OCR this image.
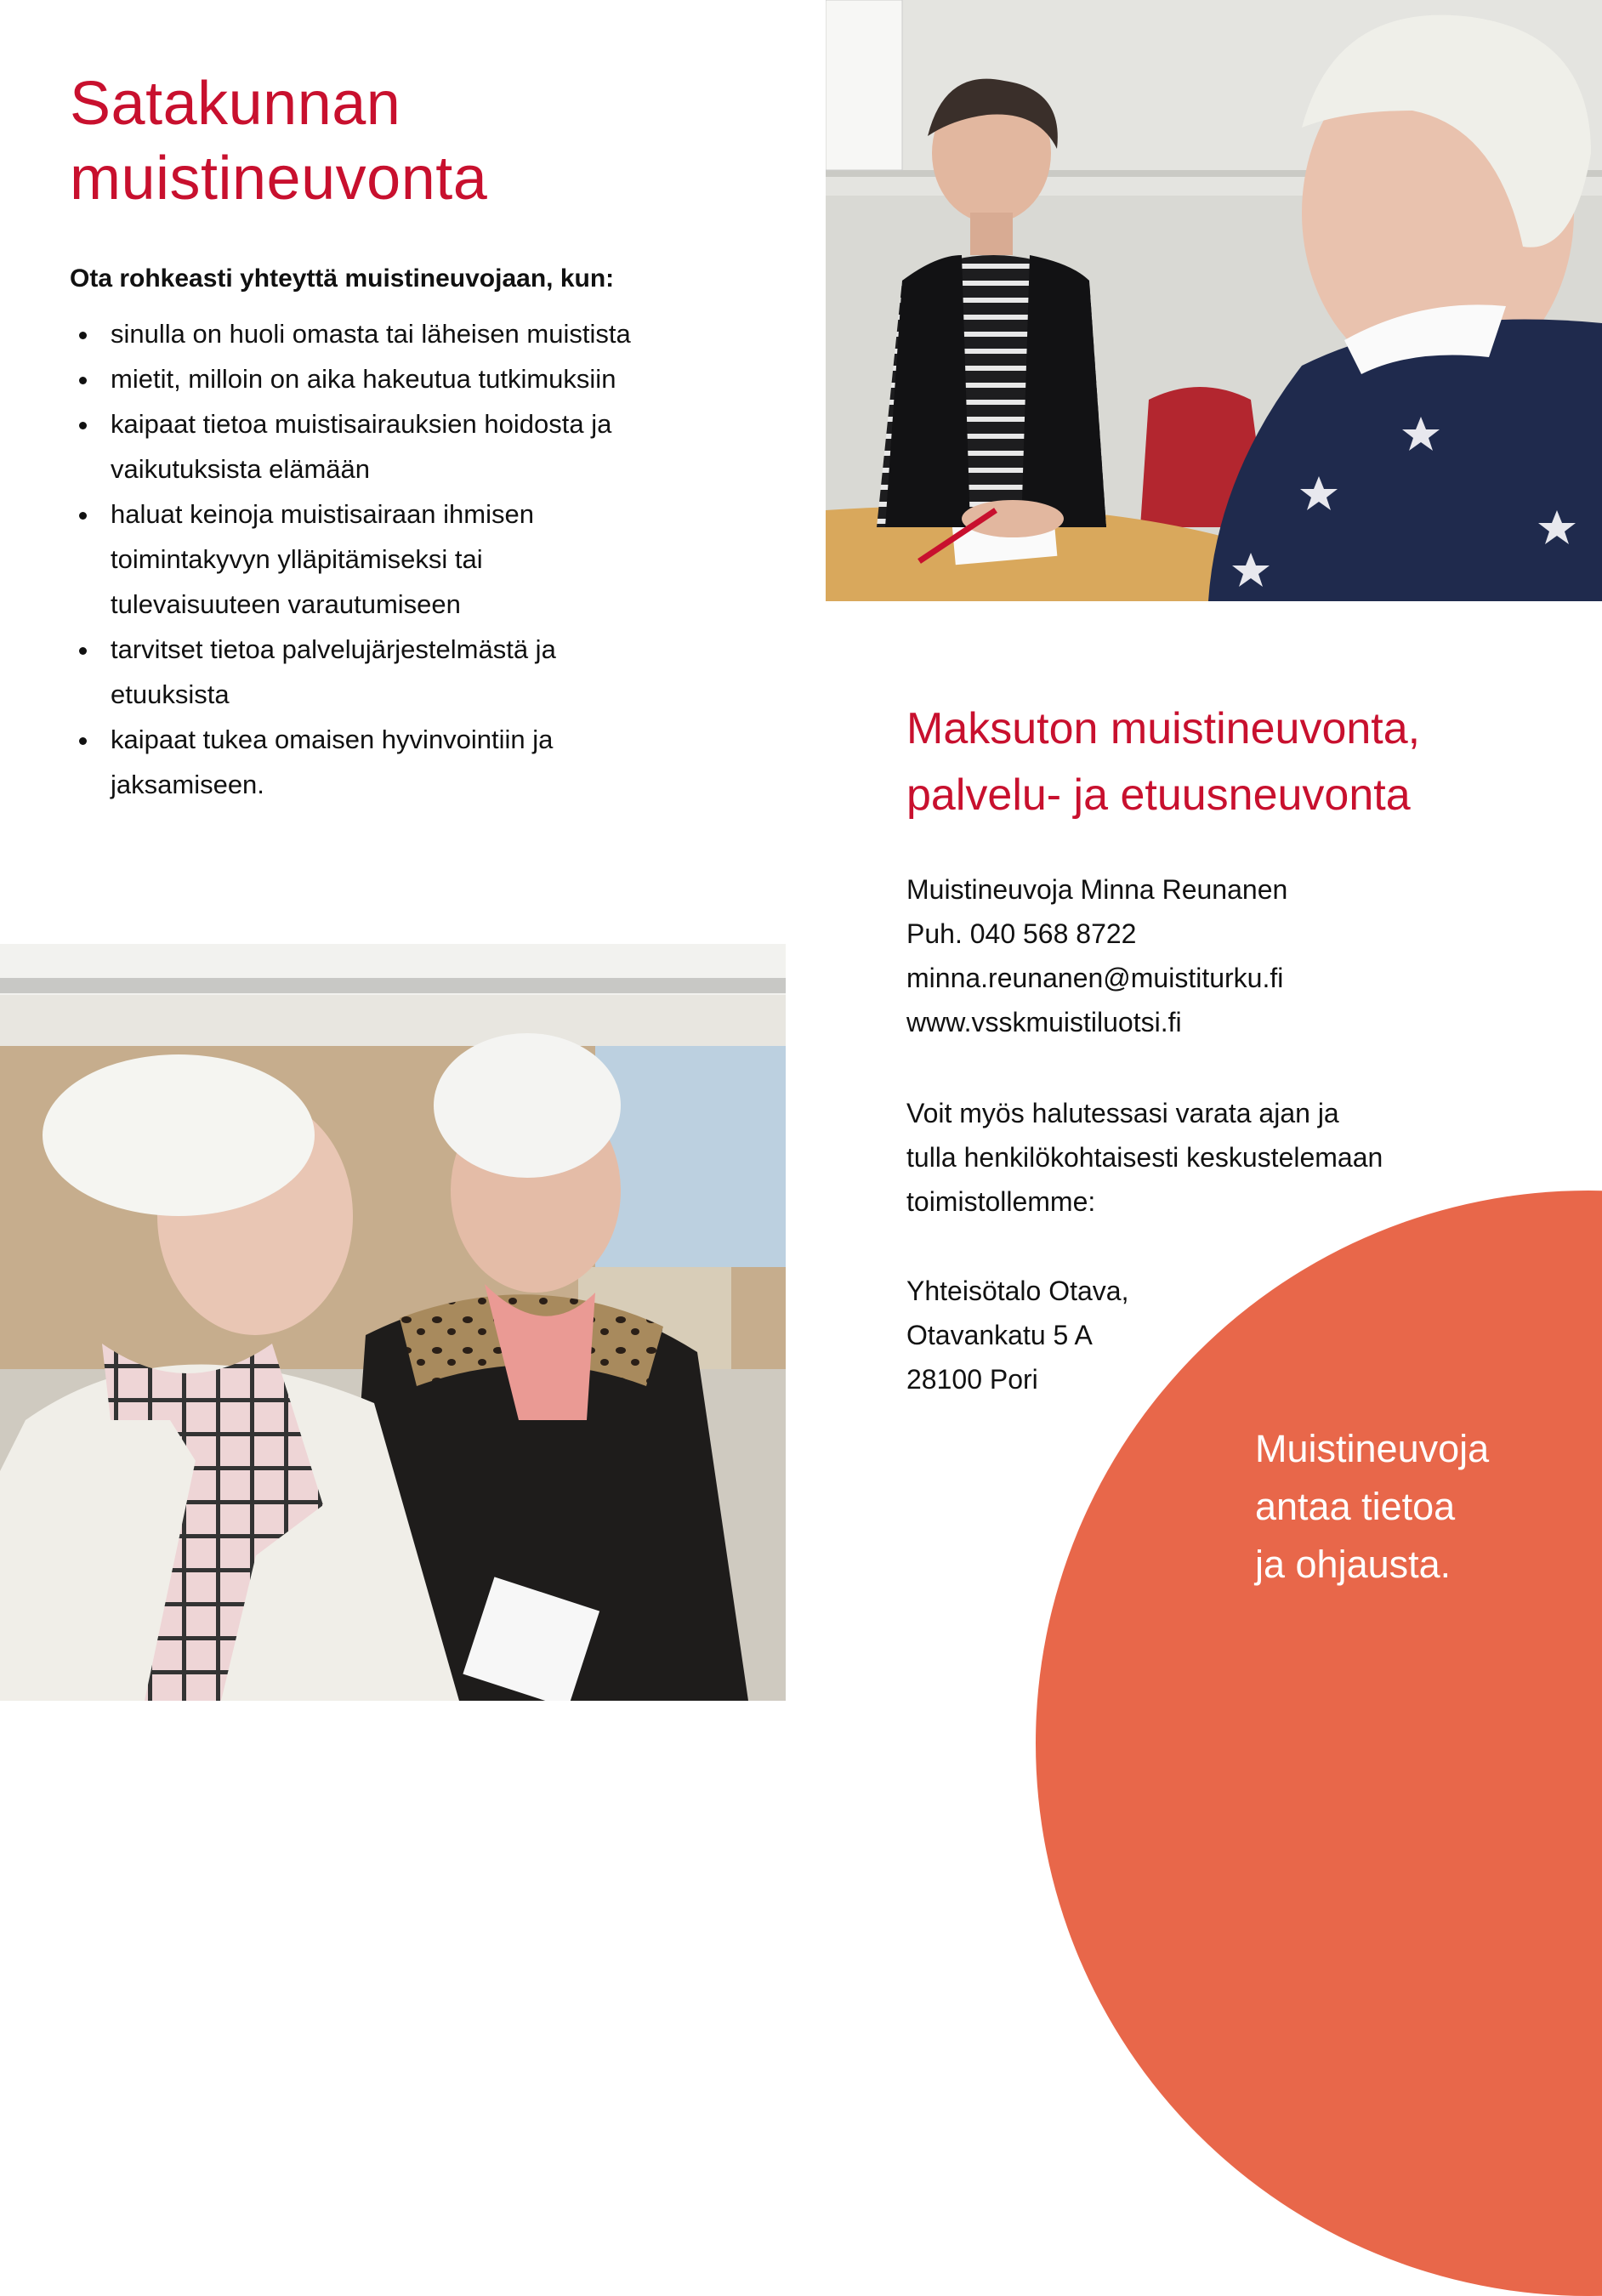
Satakunnan
muistineuvonta
Ota rohkeasti yhteyttä muistineuvojaan, kun:
sinulla on huoli omasta tai läheisen muistista
mietit, milloin on aika hakeutua tutkimuksiin
kaipaat tietoa muistisairauksien hoidosta ja vaikutuksista elämään
haluat keinoja muistisairaan ihmisen toimintakyvyn ylläpitämiseksi tai tulevaisuuteen varautumiseen
tarvitset tietoa palvelujärjestelmästä ja etuuksista
kaipaat tukea omaisen hyvinvointiin ja jaksamiseen.
Maksuton muistineuvonta,
palvelu- ja etuusneuvonta
Muistineuvoja Minna Reunanen
Puh. 040 568 8722
minna.reunanen@muistiturku.fi
www.vsskmuistiluotsi.fi
Voit myös halutessasi varata ajan ja
tulla henkilökohtaisesti keskustelemaan
toimistollemme:
Yhteisötalo Otava,
Otavankatu 5 A
28100 Pori
Muistineuvoja
antaa tietoa
ja ohjausta.
